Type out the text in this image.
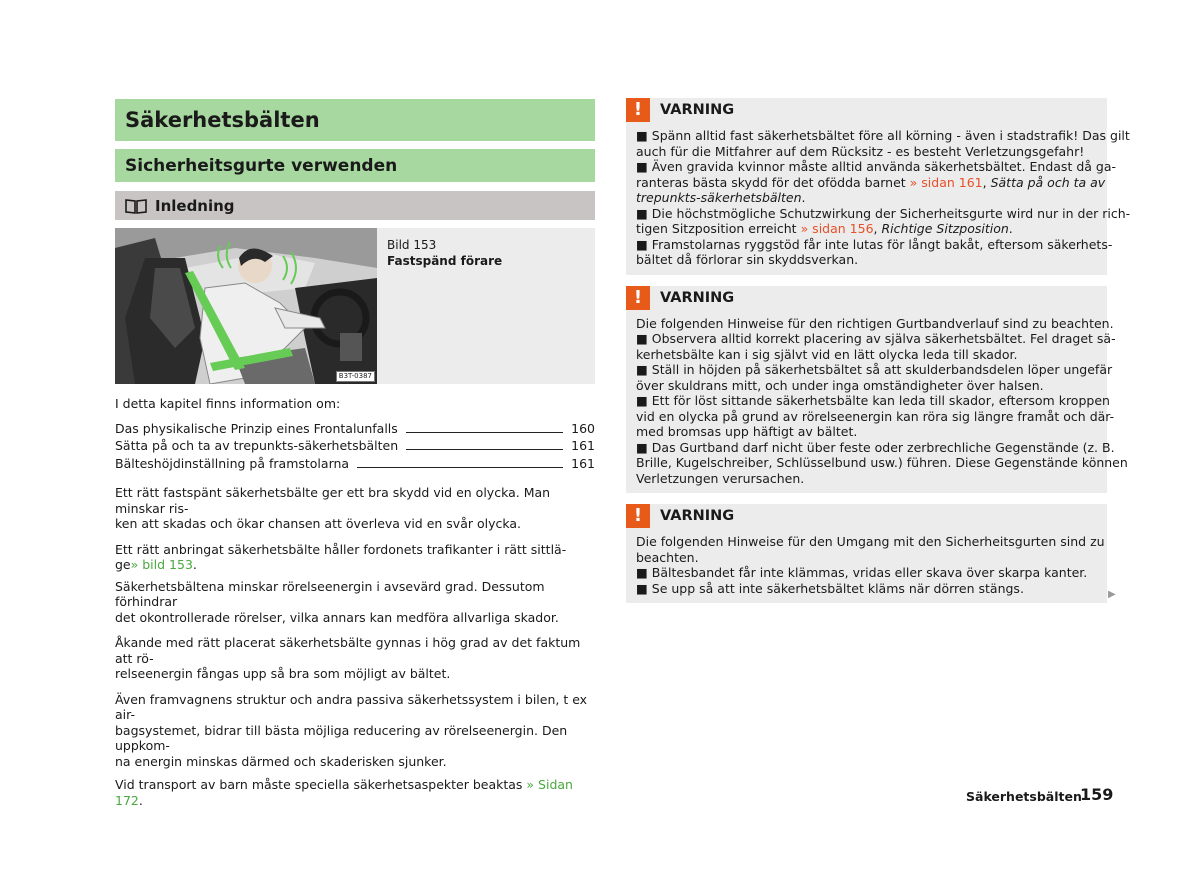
Säkerhetsbälten
Sicherheitsgurte verwenden
Inledning
B3T-0387
Bild 153
Fastspänd förare
I detta kapitel finns information om:
Das physikalische Prinzip eines Frontalunfalls	160
Sätta på och ta av trepunkts-säkerhetsbälten	161
Bälteshöjdinställning på framstolarna	161
Ett rätt fastspänt säkerhetsbälte ger ett bra skydd vid en olycka. Man minskar ris-
ken att skadas och ökar chansen att överleva vid en svår olycka.
Ett rätt anbringat säkerhetsbälte håller fordonets trafikanter i rätt sittlä-
ge» bild 153.
Säkerhetsbältena minskar rörelseenergin i avsevärd grad. Dessutom förhindrar
det okontrollerade rörelser, vilka annars kan medföra allvarliga skador.
Åkande med rätt placerat säkerhetsbälte gynnas i hög grad av det faktum att rö-
relseenergin fångas upp så bra som möjligt av bältet.
Även framvagnens struktur och andra passiva säkerhetssystem i bilen, t ex air-
bagsystemet, bidrar till bästa möjliga reducering av rörelseenergin. Den uppkom-
na energin minskas därmed och skaderisken sjunker.
Vid transport av barn måste speciella säkerhetsaspekter beaktas » Sidan 172.
!	VARNING
■ Spänn alltid fast säkerhetsbältet före all körning - även i stadstrafik! Das gilt
auch für die Mitfahrer auf dem Rücksitz - es besteht Verletzungsgefahr!
■ Även gravida kvinnor måste alltid använda säkerhetsbältet. Endast då ga-
ranteras bästa skydd för det ofödda barnet » sidan 161, Sätta på och ta av
trepunkts-säkerhetsbälten.
■ Die höchstmögliche Schutzwirkung der Sicherheitsgurte wird nur in der rich-
tigen Sitzposition erreicht » sidan 156, Richtige Sitzposition.
■ Framstolarnas ryggstöd får inte lutas för långt bakåt, eftersom säkerhets-
bältet då förlorar sin skyddsverkan.
!	VARNING
Die folgenden Hinweise für den richtigen Gurtbandverlauf sind zu beachten.
■ Observera alltid korrekt placering av själva säkerhetsbältet. Fel draget sä-
kerhetsbälte kan i sig självt vid en lätt olycka leda till skador.
■ Ställ in höjden på säkerhetsbältet så att skulderbandsdelen löper ungefär
över skuldrans mitt, och under inga omständigheter över halsen.
■ Ett för löst sittande säkerhetsbälte kan leda till skador, eftersom kroppen
vid en olycka på grund av rörelseenergin kan röra sig längre framåt och där-
med bromsas upp häftigt av bältet.
■ Das Gurtband darf nicht über feste oder zerbrechliche Gegenstände (z. B.
Brille, Kugelschreiber, Schlüsselbund usw.) führen. Diese Gegenstände können
Verletzungen verursachen.
!	VARNING
Die folgenden Hinweise für den Umgang mit den Sicherheitsgurten sind zu
beachten.
■ Bältesbandet får inte klämmas, vridas eller skava över skarpa kanter.
■ Se upp så att inte säkerhetsbältet kläms när dörren stängs.	▶
Säkerhetsbälten
159
